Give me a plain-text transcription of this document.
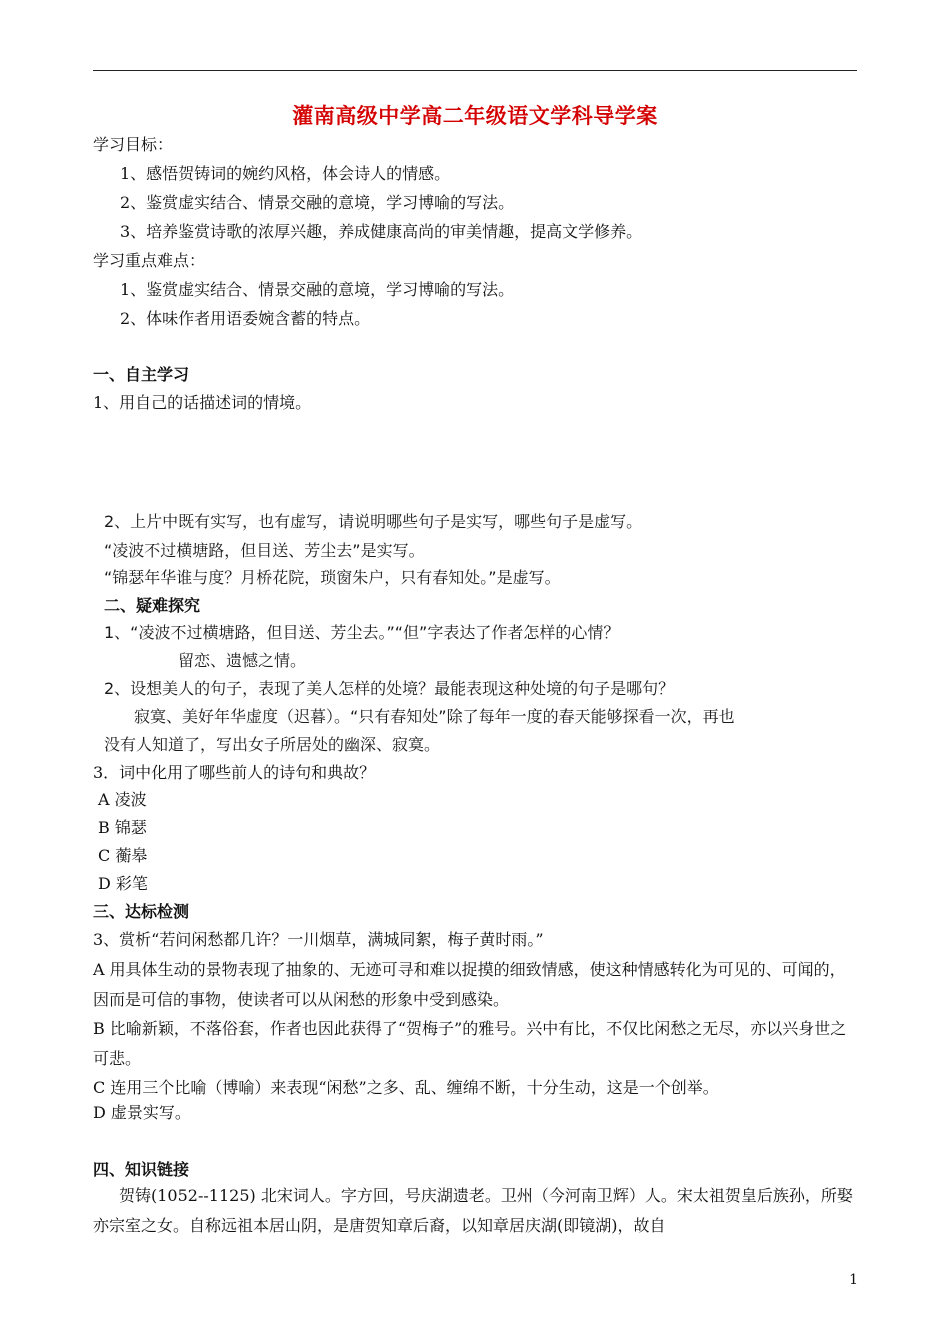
灌南高级中学高二年级语文学科导学案
学习目标：
1、感悟贺铸词的婉约风格，体会诗人的情感。
2、鉴赏虚实结合、情景交融的意境，学习博喻的写法。
3、培养鉴赏诗歌的浓厚兴趣，养成健康高尚的审美情趣，提高文学修养。
学习重点难点：
1、鉴赏虚实结合、情景交融的意境，学习博喻的写法。
2、体味作者用语委婉含蓄的特点。
一、自主学习
1、用自己的话描述词的情境。
2、上片中既有实写，也有虚写，请说明哪些句子是实写，哪些句子是虚写。
“凌波不过横塘路，但目送、芳尘去”是实写。
“锦瑟年华谁与度？月桥花院，琐窗朱户，只有春知处。”是虚写。
二、疑难探究
1、“凌波不过横塘路，但目送、芳尘去。”“但”字表达了作者怎样的心情？
留恋、遗憾之情。
2、设想美人的句子，表现了美人怎样的处境？最能表现这种处境的句子是哪句？
寂寞、美好年华虚度（迟暮）。“只有春知处”除了每年一度的春天能够探看一次，再也
没有人知道了，写出女子所居处的幽深、寂寞。
3．词中化用了哪些前人的诗句和典故？
A 凌波
B 锦瑟
C 蘅皋
D 彩笔
三、达标检测
3、赏析“若问闲愁都几许？一川烟草，满城同絮，梅子黄时雨。”
A 用具体生动的景物表现了抽象的、无迹可寻和难以捉摸的细致情感，使这种情感转化为可见的、可闻的，因而是可信的事物，使读者可以从闲愁的形象中受到感染。
B 比喻新颖，不落俗套，作者也因此获得了“贺梅子”的雅号。兴中有比，不仅比闲愁之无尽，亦以兴身世之可悲。
C 连用三个比喻（博喻）来表现“闲愁”之多、乱、缠绵不断，十分生动，这是一个创举。
D 虚景实写。
四、知识链接
贺铸(1052--1125) 北宋词人。字方回，号庆湖遗老。卫州（今河南卫辉）人。宋太祖贺皇后族孙，所娶亦宗室之女。自称远祖本居山阴，是唐贺知章后裔，以知章居庆湖(即镜湖)，故自
1
